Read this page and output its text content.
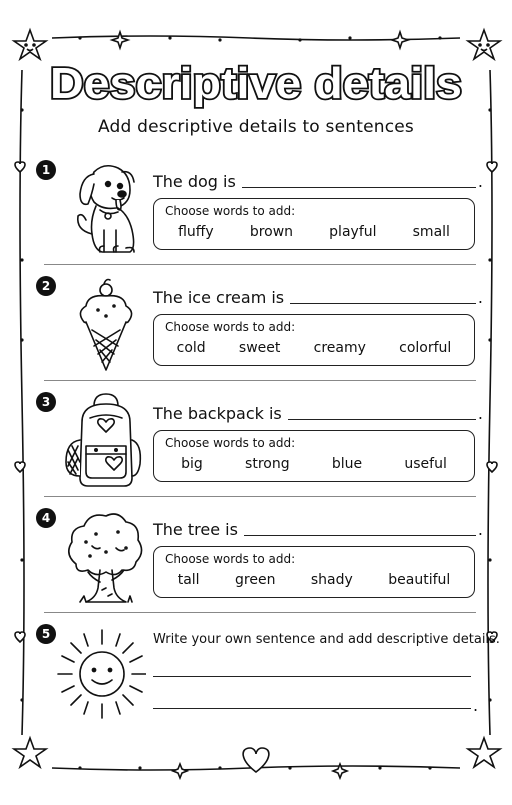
Descriptive details
Add descriptive details to sentences
1
The dog is	.
Choose words to add:
fluffy	brown	playful	small
2
The ice cream is	.
Choose words to add:
cold sweet creamy colorful
3
The backpack is	.
Choose words to add:
big	strong	blue	useful
4
The tree is	.
Choose words to add:
tall	green	shady	beautiful
5	Write your own sentence and add descriptive details.
.
